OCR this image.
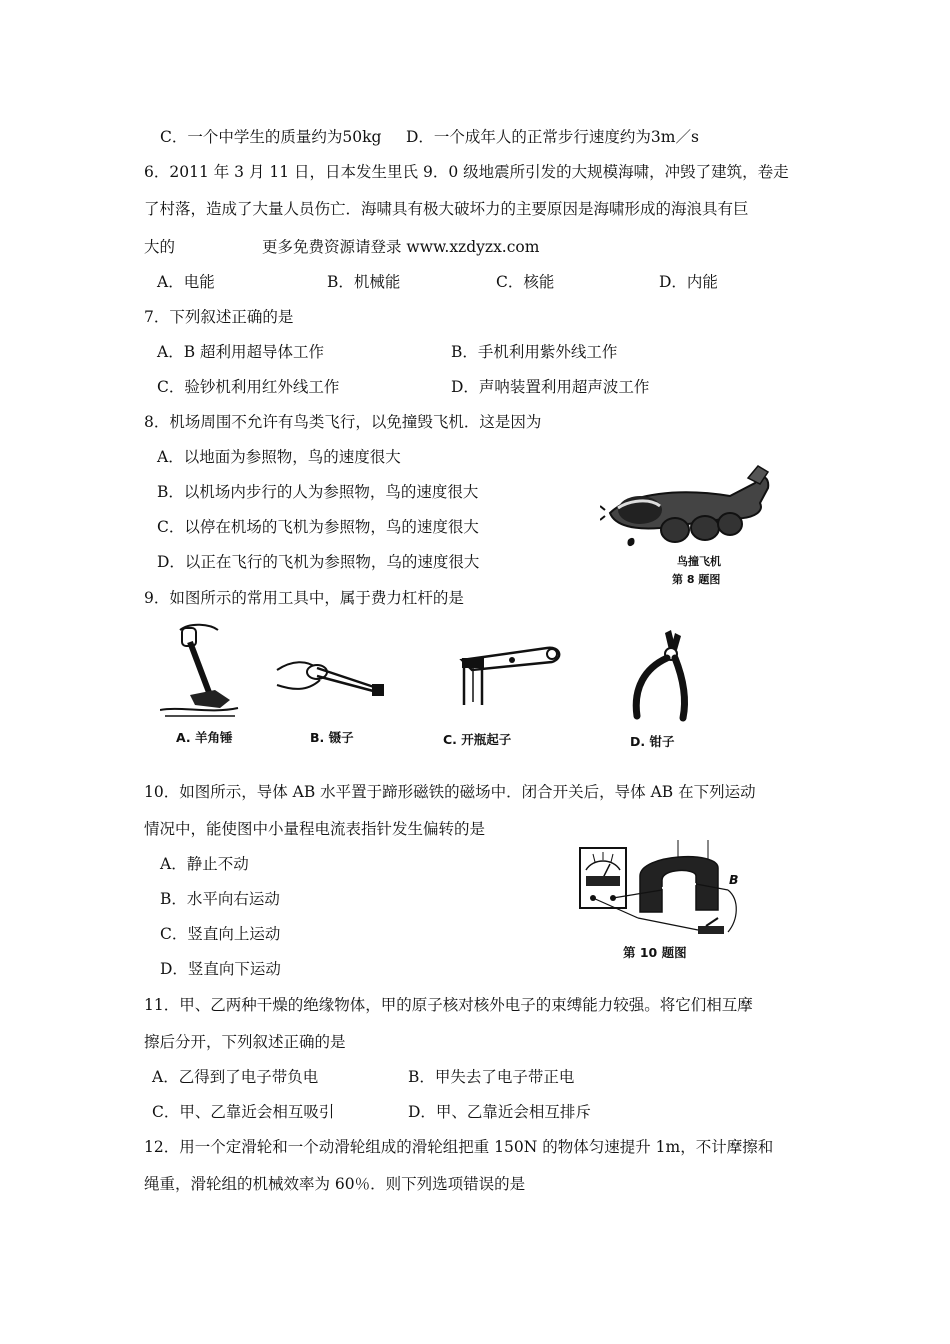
C．一个中学生的质量约为50kg D．一个成年人的正常步行速度约为3m／s
6．2011 年 3 月 11 日，日本发生里氏 9．0 级地震所引发的大规模海啸，冲毁了建筑，卷走
了村落，造成了大量人员伤亡．海啸具有极大破坏力的主要原因是海啸形成的海浪具有巨
大的	更多免费资源请登录 www.xzdyzx.com
A．电能	B．机械能	C．核能	D．内能
7．下列叙述正确的是
A．B 超利用超导体工作	B．手机利用紫外线工作
C．验钞机利用红外线工作	D．声呐装置利用超声波工作
8．机场周围不允许有鸟类飞行，以免撞毁飞机．这是因为
A．以地面为参照物，鸟的速度很大
B．以机场内步行的人为参照物，鸟的速度很大
C．以停在机场的飞机为参照物，鸟的速度很大
D．以正在飞行的飞机为参照物，乌的速度很大	鸟撞飞机
第 8 题图
9．如图所示的常用工具中，属于费力杠杆的是
A. 羊角锤	B. 镊子	C. 开瓶起子	D. 钳子
10．如图所示，导体 AB 水平置于蹄形磁铁的磁场中．闭合开关后，导体 AB 在下列运动
情况中，能使图中小量程电流表指针发生偏转的是
A．静止不动
B．水平向右运动
C．竖直向上运动
D．竖直向下运动
B
第 10 题图
11．甲、乙两种干燥的绝缘物体，甲的原子核对核外电子的束缚能力较强。将它们相互摩
擦后分开，下列叙述正确的是
A．乙得到了电子带负电	B．甲失去了电子带正电
C．甲、乙靠近会相互吸引	D．甲、乙靠近会相互排斥
12．用一个定滑轮和一个动滑轮组成的滑轮组把重 150N 的物体匀速提升 1m，不计摩擦和
绳重，滑轮组的机械效率为 60％．则下列选项错误的是
